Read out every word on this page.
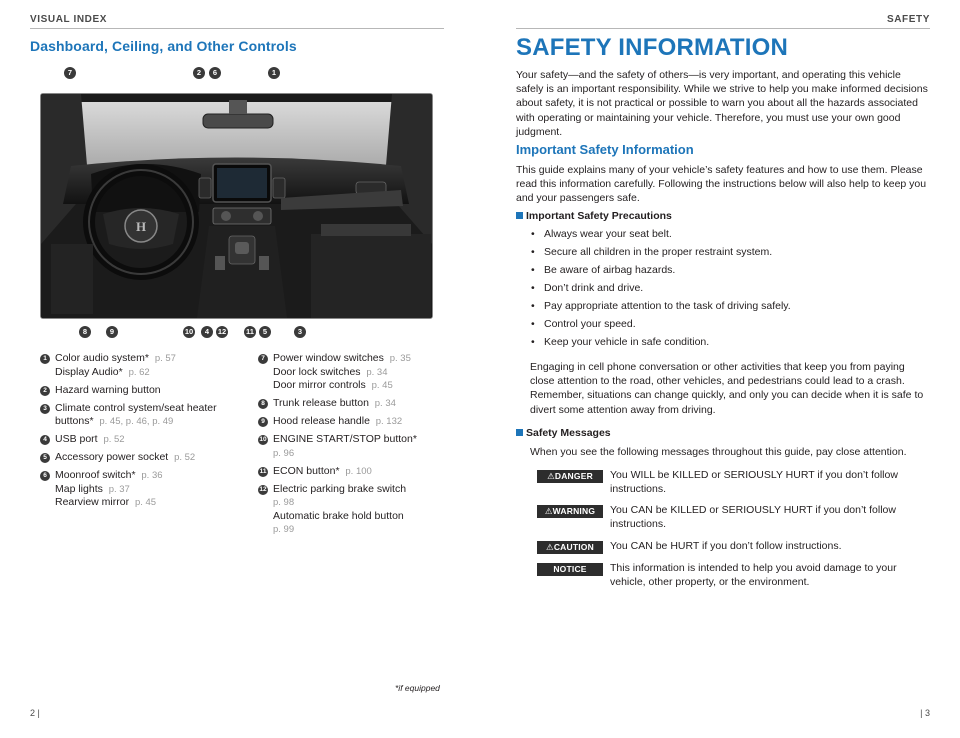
VISUAL INDEX	SAFETY
Dashboard, Ceiling, and Other Controls
7	2	6	1
H
8	9	10	4	12	11	5	3
1 Color audio system* p. 57
Display Audio* p. 62
2 Hazard warning button
3 Climate control system/seat heater
buttons* p. 45, p. 46, p. 49
4 USB port p. 52
5 Accessory power socket p. 52
6 Moonroof switch* p. 36
Map lights p. 37
Rearview mirror p. 45
7 Power window switches p. 35
Door lock switches p. 34
Door mirror controls p. 45
8 Trunk release button p. 34
9 Hood release handle p. 132
10 ENGINE START/STOP button*
p. 96
11 ECON button* p. 100
12 Electric parking brake switch
p. 98
Automatic brake hold button
p. 99
*if equipped
2 |
SAFETY INFORMATION
Your safety—and the safety of others—is very important, and operating this vehicle safely is an important responsibility. While we strive to help you make informed decisions about safety, it is not practical or possible to warn you about all the hazards associated with operating or maintaining your vehicle. Therefore, you must use your own good judgment.
Important Safety Information
This guide explains many of your vehicle’s safety features and how to use them. Please read this information carefully. Following the instructions below will also help to keep you and your passengers safe.
Important Safety Precautions
• Always wear your seat belt.
• Secure all children in the proper restraint system.
• Be aware of airbag hazards.
• Don’t drink and drive.
• Pay appropriate attention to the task of driving safely.
• Control your speed.
• Keep your vehicle in safe condition.
Engaging in cell phone conversation or other activities that keep you from paying close attention to the road, other vehicles, and pedestrians could lead to a crash. Remember, situations can change quickly, and only you can decide when it is safe to divert some attention away from driving.
Safety Messages
When you see the following messages throughout this guide, pay close attention.
⚠DANGER	You WILL be KILLED or SERIOUSLY HURT if you don’t follow instructions.
⚠WARNING	You CAN be KILLED or SERIOUSLY HURT if you don’t follow instructions.
⚠CAUTION	You CAN be HURT if you don’t follow instructions.
NOTICE	This information is intended to help you avoid damage to your vehicle, other property, or the environment.
| 3
